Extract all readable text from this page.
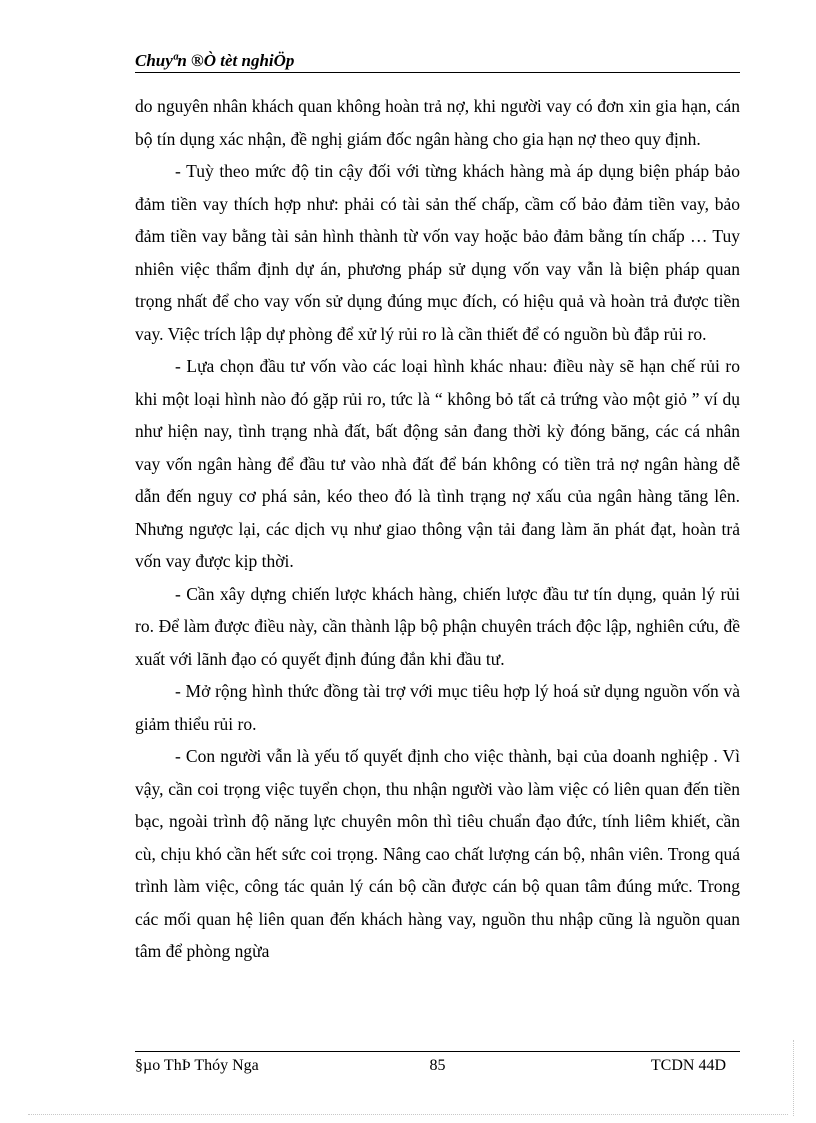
Chuyªn ®Ò tèt nghiÖp

do nguyên nhân khách quan không hoàn trả nợ, khi người vay có đơn xin gia hạn, cán bộ tín dụng xác nhận, đề nghị giám đốc ngân hàng cho gia hạn nợ theo quy định.

- Tuỳ theo mức độ tin cậy đối với từng khách hàng mà áp dụng biện pháp bảo đảm tiền vay thích hợp như: phải có tài sản thế chấp, cầm cố bảo đảm tiền vay, bảo đảm tiền vay bằng tài sản hình thành từ vốn vay hoặc bảo đảm bằng tín chấp … Tuy nhiên việc thẩm định dự án, phương pháp sử dụng vốn vay vẫn là biện pháp quan trọng nhất để cho vay vốn sử dụng đúng mục đích, có hiệu quả và hoàn trả được tiền vay. Việc trích lập dự phòng để xử lý rủi ro là cần thiết để có nguồn bù đắp rủi ro.

- Lựa chọn đầu tư vốn vào các loại hình khác nhau: điều này sẽ hạn chế rủi ro khi một loại hình nào đó gặp rủi ro, tức là “ không bỏ tất cả trứng vào một giỏ ” ví dụ như hiện nay, tình trạng nhà đất, bất động sản đang thời kỳ đóng băng, các cá nhân vay vốn ngân hàng để đầu tư vào nhà đất để bán không có tiền trả nợ ngân hàng dễ dẫn đến nguy cơ phá sản, kéo theo đó là tình trạng nợ xấu của ngân hàng tăng lên. Nhưng ngược lại, các dịch vụ như giao thông vận tải đang làm ăn phát đạt, hoàn trả vốn vay được kịp thời.

- Cần xây dựng chiến lược khách hàng, chiến lược đầu tư tín dụng, quản lý rủi ro. Để làm được điều này, cần thành lập bộ phận chuyên trách độc lập, nghiên cứu, đề xuất với lãnh đạo có quyết định đúng đắn khi đầu tư.

- Mở rộng hình thức đồng tài trợ với mục tiêu hợp lý hoá sử dụng nguồn vốn và giảm thiểu rủi ro.

- Con người vẫn là yếu tố quyết định cho việc thành, bại của doanh nghiệp . Vì vậy, cần coi trọng việc tuyển chọn, thu nhận người vào làm việc có liên quan đến tiền bạc, ngoài trình độ năng lực chuyên môn thì tiêu chuẩn đạo đức, tính liêm khiết, cần cù, chịu khó cần hết sức coi trọng. Nâng cao chất lượng cán bộ, nhân viên. Trong quá trình làm việc, công tác quản lý cán bộ cần được cán bộ quan tâm đúng mức. Trong các mối quan hệ liên quan đến khách hàng vay, nguồn thu nhập cũng là nguồn quan tâm để phòng ngừa

85
§µo ThÞ Thóy Nga	TCDN 44D
